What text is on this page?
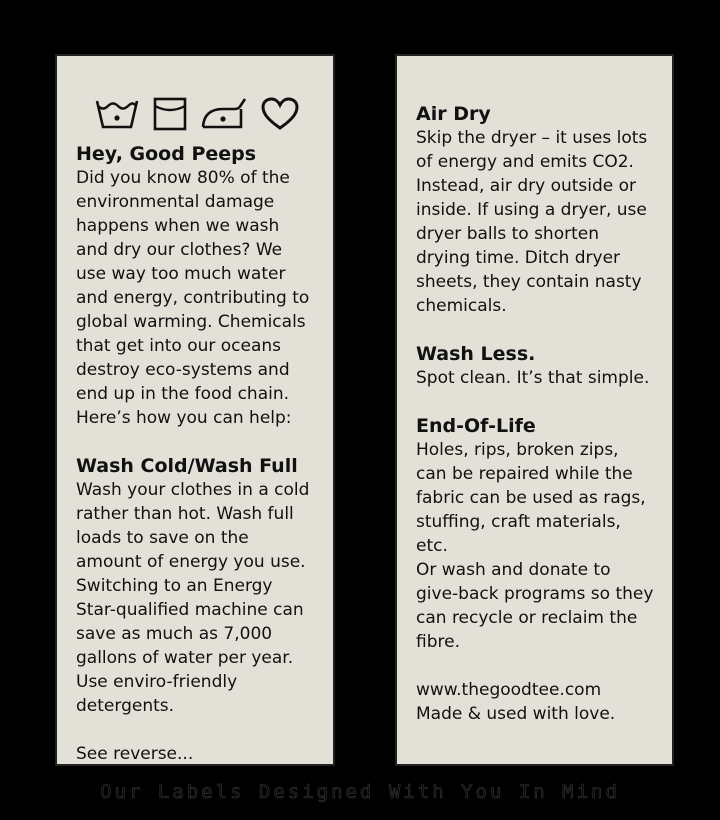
Hey, Good Peeps
Did you know 80% of the
environmental damage
happens when we wash
and dry our clothes? We
use way too much water
and energy, contributing to
global warming. Chemicals
that get into our oceans
destroy eco-systems and
end up in the food chain.
Here’s how you can help:
Wash Cold/Wash Full
Wash your clothes in a cold
rather than hot. Wash full
loads to save on the
amount of energy you use.
Switching to an Energy
Star-qualified machine can
save as much as 7,000
gallons of water per year.
Use enviro-friendly
detergents.
See reverse...
Air Dry
Skip the dryer – it uses lots
of energy and emits CO2.
Instead, air dry outside or
inside. If using a dryer, use
dryer balls to shorten
drying time. Ditch dryer
sheets, they contain nasty
chemicals.
Wash Less.
Spot clean. It’s that simple.
End-Of-Life
Holes, rips, broken zips,
can be repaired while the
fabric can be used as rags,
stuffing, craft materials, etc.
Or wash and donate to
give-back programs so they
can recycle or reclaim the
fibre.
www.thegoodtee.com
Made & used with love.
Our Labels Designed With You In Mind
